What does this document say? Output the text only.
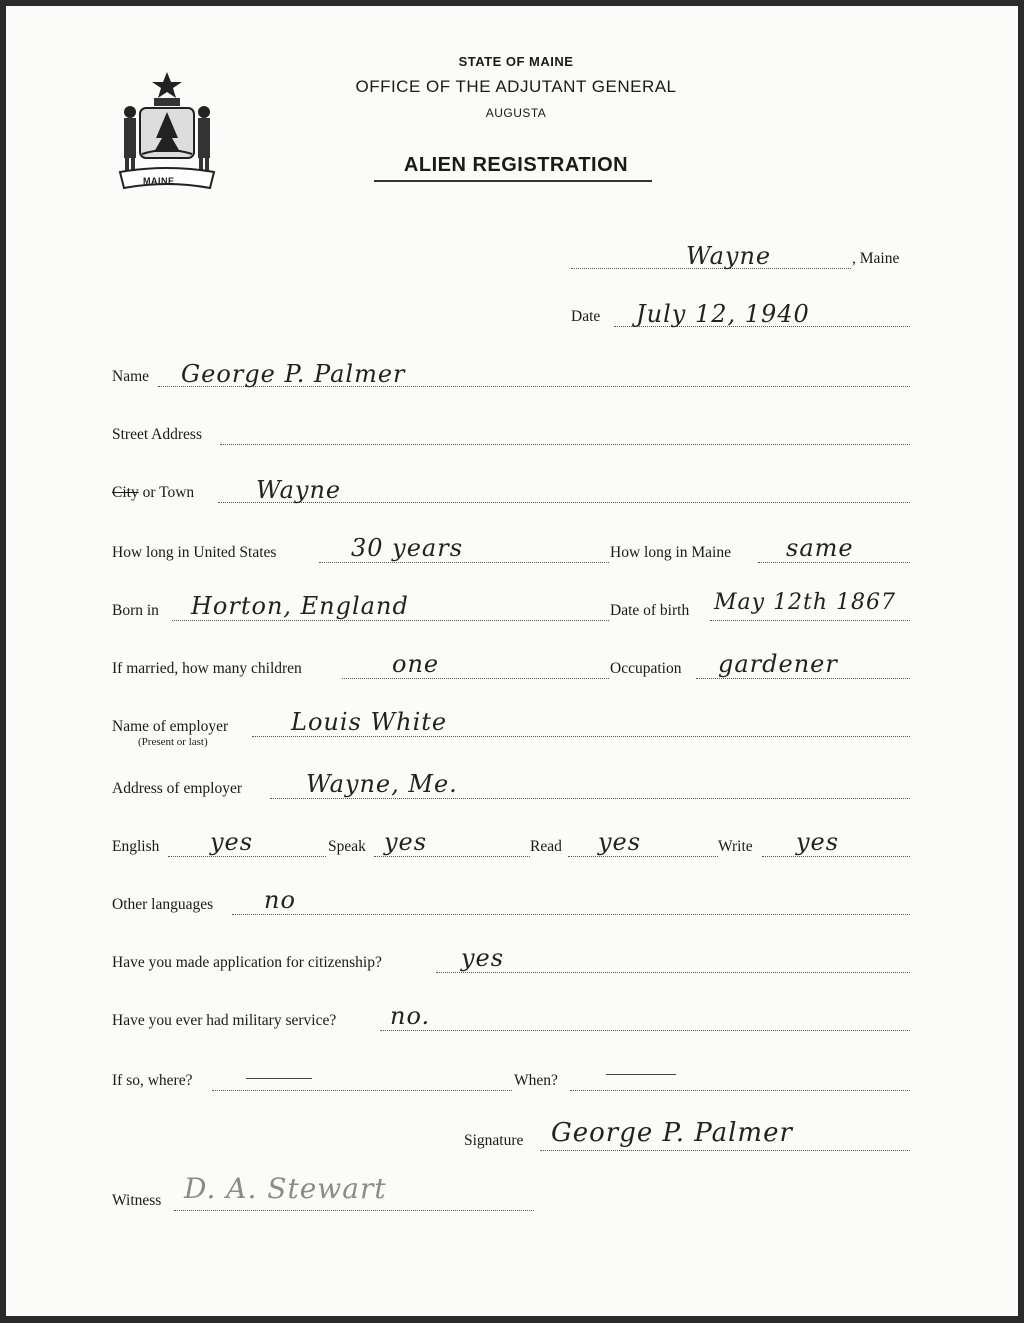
MAINE
STATE OF MAINE
OFFICE OF THE ADJUTANT GENERAL
AUGUSTA
ALIEN REGISTRATION
Wayne	, Maine
Date July 12, 1940
Name George P. Palmer
Street Address
City or Town	Wayne
How long in United States	30 years	How long in Maine same
Born in Horton, England	Date of birth May 12th 1867
If married, how many children	one	Occupation gardener
Name of employer
(Present or last)
Louis White
Address of employer	Wayne, Me.
English yes	Speak yes	Read yes	Write yes
Other languages no
Have you made application for citizenship?	yes
Have you ever had military service? no.
If so, where?	When?
Signature George P. Palmer
Witness D. A. Stewart
